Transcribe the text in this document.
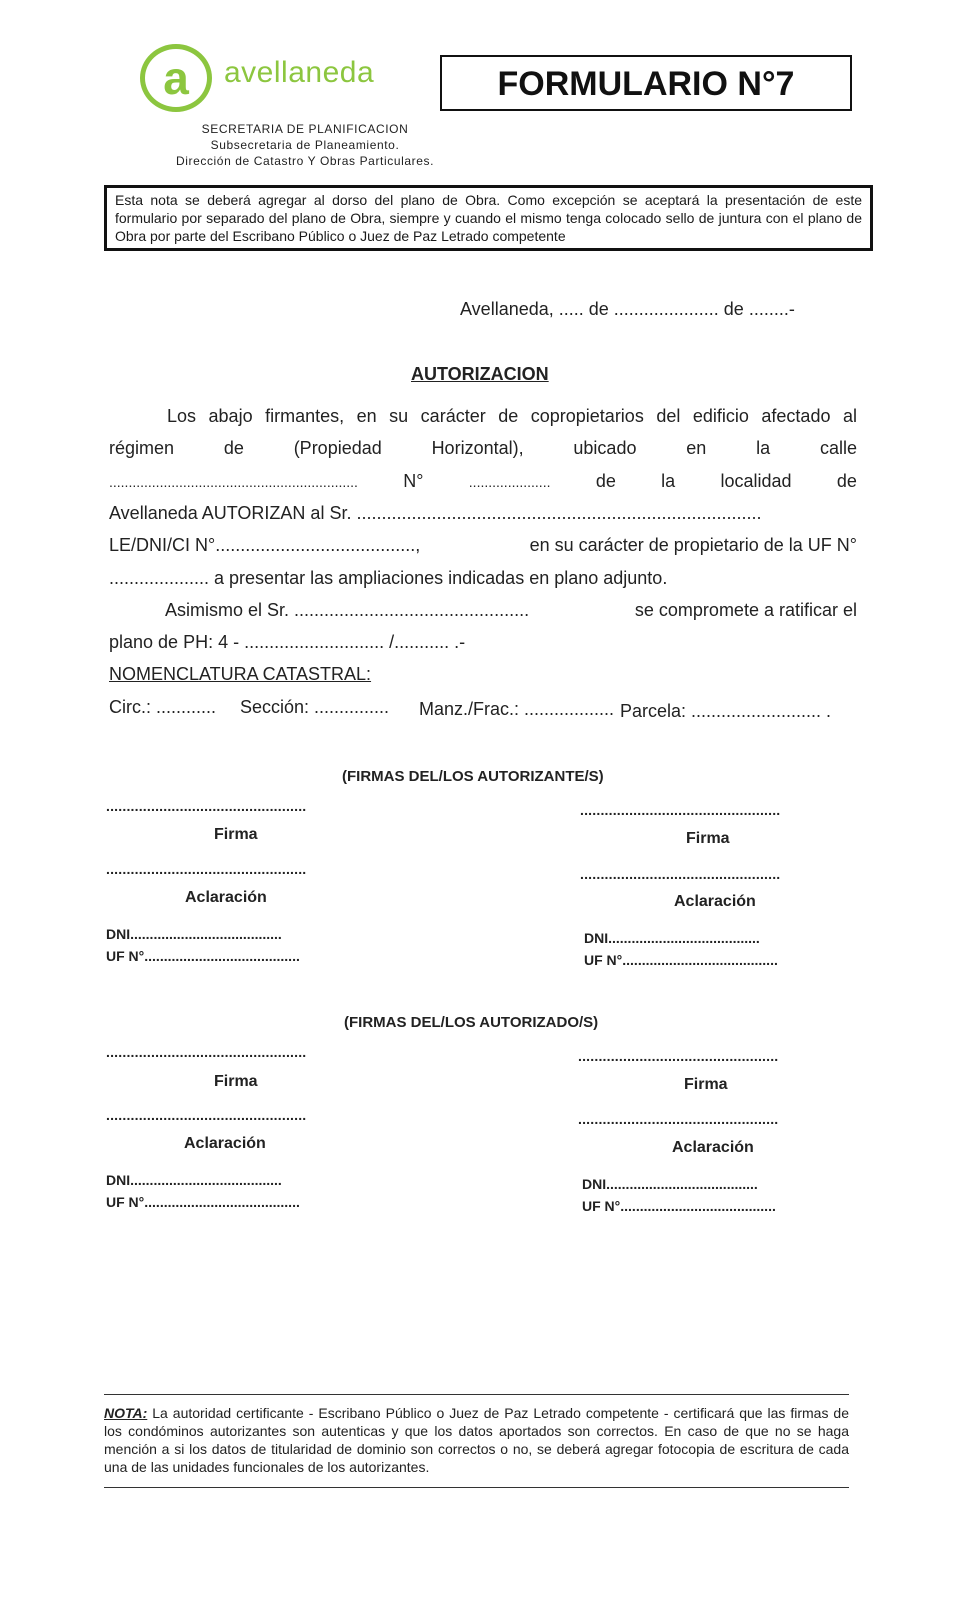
a	avellaneda
SECRETARIA DE PLANIFICACION
Subsecretaria de Planeamiento.
Dirección de Catastro Y Obras Particulares.
FORMULARIO N°7

Esta nota se deberá agregar al dorso del plano de Obra. Como excepción se aceptará la presentación de este formulario por separado del plano de Obra, siempre y cuando el mismo tenga colocado sello de juntura con el plano de Obra por parte del Escribano Público o Juez de Paz Letrado competente

Avellaneda, ..... de ..................... de ........-
AUTORIZACION
Los abajo firmantes, en su carácter de copropietarios del edificio afectado al
régimen	de	(Propiedad	Horizontal),	ubicado	en	la	calle
................................................................	N°	.....................	de	la	localidad	de
Avellaneda AUTORIZAN al Sr. .................................................................................
LE/DNI/CI N°........................................,	en su carácter de propietario de la UF N°
.................... a presentar las ampliaciones indicadas en plano adjunto.
Asimismo el Sr. ...............................................	se compromete a ratificar el
plano de PH: 4 - ............................ /........... .-
NOMENCLATURA CATASTRAL:
Circ.: ............ Sección: ............... Manz./Frac.: .................. Parcela: .......................... .
(FIRMAS DEL/LOS AUTORIZANTE/S)
.................................................
Firma
.................................................
Aclaración
DNI.......................................
UF N°........................................
.................................................
Firma
.................................................
Aclaración
DNI.......................................
UF N°........................................
(FIRMAS DEL/LOS AUTORIZADO/S)
.................................................
Firma
.................................................
Aclaración
DNI.......................................
UF N°........................................
.................................................
Firma
.................................................
Aclaración
DNI.......................................
UF N°........................................
NOTA: La autoridad certificante - Escribano Público o Juez de Paz Letrado competente - certificará que las firmas de los condóminos autorizantes son autenticas y que los datos aportados son correctos. En caso de que no se haga mención a si los datos de titularidad de dominio son correctos o no, se deberá agregar fotocopia de escritura de cada una de las unidades funcionales de los autorizantes.
